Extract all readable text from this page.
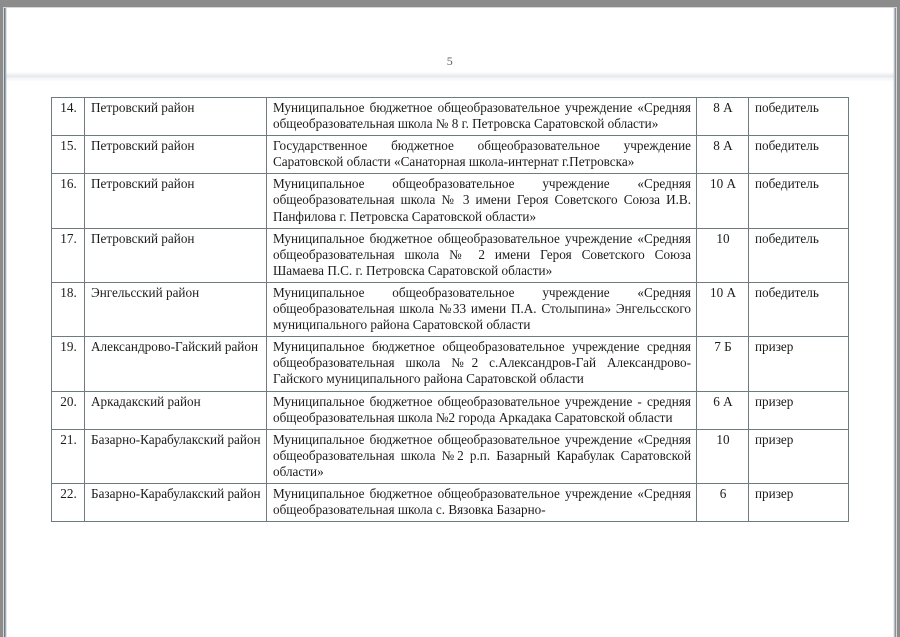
5
14.	Петровский район	Муниципальное бюджетное общеобразовательное учреждение «Средняя общеобразовательная школа № 8 г. Петровска Саратовской области»	8 А	победитель
15.	Петровский район	Государственное бюджетное общеобразовательное учреждение Саратовской области «Санаторная школа-интернат г.Петровска»	8 А	победитель
16.	Петровский район	Муниципальное общеобразовательное учреждение «Средняя общеобразовательная школа № 3 имени Героя Советского Союза И.В. Панфилова г. Петровска Саратовской области»	10 А	победитель
17.	Петровский район	Муниципальное бюджетное общеобразовательное учреждение «Средняя общеобразовательная школа № 2 имени Героя Советского Союза Шамаева П.С. г. Петровска Саратовской области»	10	победитель
18.	Энгельсский район	Муниципальное общеобразовательное учреждение «Средняя общеобразовательная школа №33 имени П.А. Столыпина» Энгельсского муниципального района Саратовской области	10 А	победитель
19.	Александрово-Гайский район	Муниципальное бюджетное общеобразовательное учреждение средняя общеобразовательная школа №2 с.Александров-Гай Александрово-Гайского муниципального района Саратовской области	7 Б	призер
20.	Аркадакский район	Муниципальное бюджетное общеобразовательное учреждение - средняя общеобразовательная школа №2 города Аркадака Саратовской области	6 А	призер
21.	Базарно-Карабулакский район	Муниципальное бюджетное общеобразовательное учреждение «Средняя общеобразовательная школа №2 р.п. Базарный Карабулак Саратовской области»	10	призер
22.	Базарно-Карабулакский район	Муниципальное бюджетное общеобразовательное учреждение «Средняя общеобразовательная школа с. Вязовка Базарно-	6	призер
